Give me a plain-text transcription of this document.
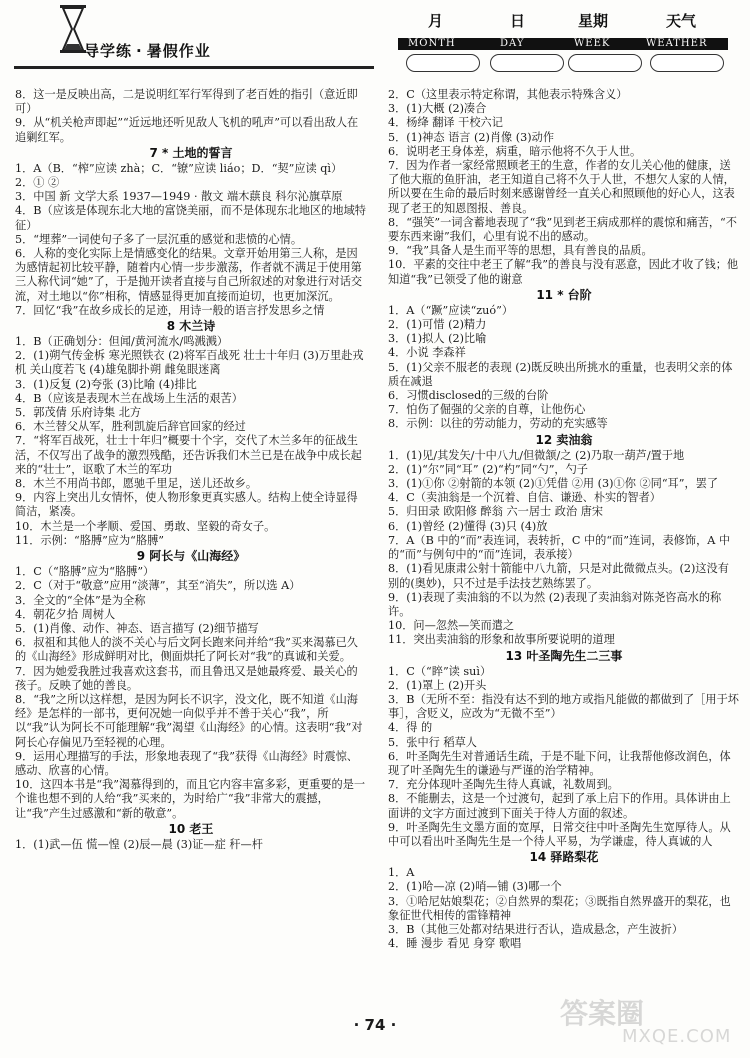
导学练 · 暑假作业
月	日	星期	天气
MONTH	DAY	WEEK	WEATHER

8．这一是反映出高，二是说明红军行军得到了老百姓的指引（意近即可）

9．从“机关枪声即起”“近远地还听见敌人飞机的吼声”可以看出敌人在追剿红军。

7 * 土地的誓言

1．A（B．“榨”应读 zhà；C．“镣”应读 liáo；D．“契”应读 qì）

2．① ②

3．中国 新 文学大系 1937—1949 · 散文 端木蕻良 科尔沁旗草原

4．B（应该是体现东北大地的富饶美丽，而不是体现东北地区的地域特征）

5．“埋葬”一词使句子多了一层沉重的感觉和悲愤的心情。

6．人称的变化实际上是情感变化的结果。文章开始用第三人称，是因为感情起初比较平静，随着内心情一步步激荡，作者就不满足于使用第三人称代词“她”了，于是抛开读者直接与自己所叙述的对象进行对话交流，对土地以“你”相称，情感显得更加直接而迫切，也更加深沉。

7．回忆“我”在故乡成长的足迹，用诗一般的语言抒发思乡之情

8 木兰诗

1．B（正确划分：但闻/黄河流水/鸣溅溅）

2．(1)朔气传金柝 寒光照铁衣 (2)将军百战死 壮士十年归 (3)万里赴戎机 关山度若飞 (4)雄兔脚扑朔 雌兔眼迷离

3．(1)反复 (2)夸张 (3)比喻 (4)排比

4．B（应该是表现木兰在战场上生活的艰苦）

5．郭茂倩 乐府诗集 北方

6．木兰替父从军，胜利凯旋后辞官回家的经过

7．“将军百战死，壮士十年归”概要十个字，交代了木兰多年的征战生活，不仅写出了战争的激烈残酷，还告诉我们木兰已是在战争中成长起来的“壮士”，讴歌了木兰的军功

8．木兰不用尚书郎，愿驰千里足，送儿还故乡。

9．内容上突出儿女情怀，使人物形象更真实感人。结构上使全诗显得简洁，紧凑。

10．木兰是一个孝顺、爱国、勇敢、坚毅的奇女子。

11．示例：“胳膊”应为“胳膊”

9 阿长与《山海经》

1．C（“胳膊”应为“胳膊”）

2．C（对于“敬意”应用“淡薄”，其至“消失”，所以选 A）

3．全文的“全体”是为全称

4．朝花夕拾 周树人

5．(1)肖像、动作、神态、语言描写 (2)细节描写

6．叔祖和其他人的淡不关心与后文阿长跑来问并给“我”买来渴慕已久的《山海经》形成鲜明对比，侧面烘托了阿长对“我”的真诚和关爱。

7．因为她爱我胜过我喜欢这套书，而且鲁迅又是她最疼爱、最关心的孩子。反映了她的善良。

8．“我”之所以这样想，是因为阿长不识字，没文化，既不知道《山海经》是怎样的一部书，更何况她一向似乎并不善于关心“我”，所以“我”认为阿长不可能理解“我”渴望《山海经》的心情。这表明“我”对阿长心存偏见乃至轻视的心理。

9．运用心理描写的手法，形象地表现了“我”获得《山海经》时震惊、感动、欣喜的心情。

10．这四本书是“我”渴慕得到的，而且它内容丰富多彩，更重要的是一个谁也想不到的人给“我”买来的，为时给广“我”非常大的震撼，让“我”产生过感激和“新的敬意”。

10 老王

1．(1)武—伍 慌—惶 (2)辰—晨 (3)证—症 秆—杆

2．C（这里表示特定称谓，其他表示特殊含义）

3．(1)大概 (2)凑合

4．杨绛 翻译 干校六记

5．(1)神态 语言 (2)肖像 (3)动作

6．说明老王身体差，病重，暗示他将不久于人世。

7．因为作者一家经常照顾老王的生意，作者的女儿关心他的健康，送了他大瓶的鱼肝油，老王知道自己将不久于人世，不想欠人家的人情，所以要在生命的最后时刻来感谢曾经一直关心和照顾他的好心人，这表现了老王的知恩图报、善良。

8．“强笑”一词含蓄地表现了“我”见到老王病成那样的震惊和痛苦，“不要东西来谢”我们，心里有说不出的感动。

9．“我”具备人是生而平等的思想，具有善良的品质。

10．平素的交往中老王了解“我”的善良与没有恶意，因此才收了钱；他知道“我”已领受了他的谢意

11 * 台阶

1．A（“蹶”应读“zuó”）

2．(1)可惜 (2)精力

3．(1)拟人 (2)比喻

4．小说 李森祥

5．(1)父亲不服老的表现 (2)既反映出所挑水的重量，也表明父亲的体质在减退

6．习惯disclosed的三级的台阶

7．怕伤了倔强的父亲的自尊，让他伤心

8．示例：以往的劳动能力，劳动的充实感等

12 卖油翁

1．(1)见/其发矢/十中八九/但微颔/之 (2)乃取一葫芦/置于地

2．(1)“尔”同“耳” (2)“杓”同“勺”，勺子

3．(1)①你 ②射箭的本领 (2)①凭借 ②用 (3)①你 ②同“耳”，罢了

4．C（卖油翁是一个沉着、自信、谦逊、朴实的智者）

5．归田录 欧阳修 醉翁 六一居士 政治 唐宋

6．(1)曾经 (2)懂得 (3)只 (4)放

7．A（B 中的“而”表连词，表转折，C 中的“而”连词，表修饰，A 中的“而”与例句中的“而”连词，表承接）

8．(1)看见康肃公射十箭能中八九箭，只是对此微微点头。(2)这没有别的(奥妙)，只不过是手法技艺熟练罢了。

9．(1)表现了卖油翁的不以为然 (2)表现了卖油翁对陈尧咨高水的称许。

10．问—忽然—笑而遣之

11．突出卖油翁的形象和故事所要说明的道理

13 叶圣陶先生二三事

1．C（“睟”读 suì）

2．(1)罩上 (2)开头

3．B（无所不至：指没有达不到的地方或指凡能做的都做到了［用于坏事］，含贬义，应改为“无微不至”）

4．得 的

5．张中行 稻草人

6．叶圣陶先生对普通话生疏，于是不耻下问，让我帮他修改润色，体现了叶圣陶先生的谦逊与严谨的治学精神。

7．充分体现叶圣陶先生待人真诚，礼数周到。

8．不能删去，这是一个过渡句，起到了承上启下的作用。具体讲由上面讲的文字方面过渡到下面关于待人方面的叙述。

9．叶圣陶先生文墨方面的宽厚，日常交往中叶圣陶先生宽厚待人。从中可以看出叶圣陶先生是一个待人平易，为学谦虚，待人真诚的人

14 驿路梨花

1．A

2．(1)哈—凉 (2)哨—铺 (3)哪一个

3．①哈尼姑娘梨花；②自然界的梨花；③既指自然界盛开的梨花，也象征世代相传的雷锋精神

3．B（其他三处都对结果进行否认，造成悬念，产生波折）

4．睡 漫步 看见 身穿 歌唱

· 74 ·	答案圈
MXQE.COM
